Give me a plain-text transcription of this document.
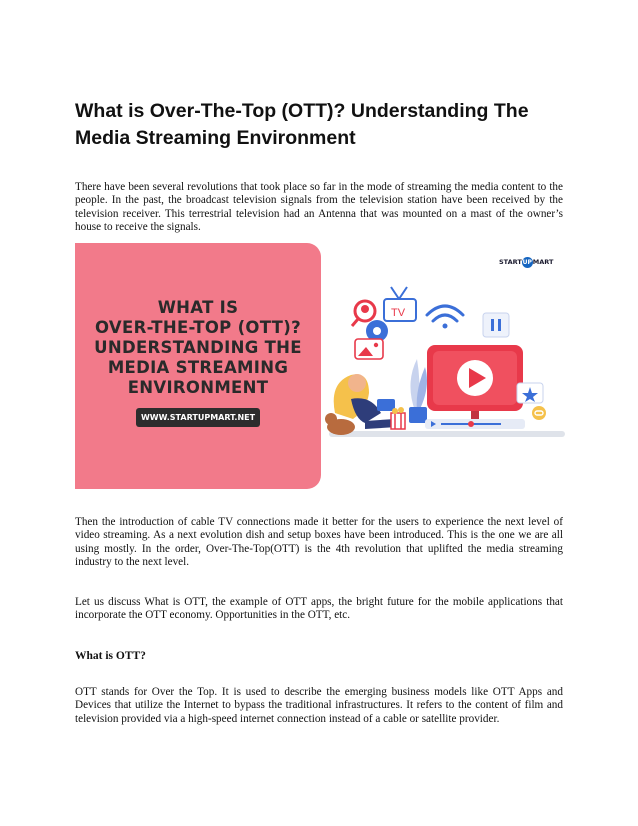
What is Over-The-Top (OTT)? Understanding The Media Streaming Environment

There have been several revolutions that took place so far in the mode of streaming the media content to the people. In the past, the broadcast television signals from the television station have been received by the television receiver. This terrestrial television had an Antenna that was mounted on a mast of the owner’s house to receive the signals.

WHAT IS
OVER-THE-TOP (OTT)?
UNDERSTANDING THE
MEDIA STREAMING
ENVIRONMENT
WWW.STARTUPMART.NET
STARTUPMART
TV

Then the introduction of cable TV connections made it better for the users to experience the next level of video streaming. As a next evolution dish and setup boxes have been introduced. This is the one we are all using mostly. In the order, Over-The-Top(OTT) is the 4th revolution that uplifted the media streaming industry to the next level.

Let us discuss What is OTT, the example of OTT apps, the bright future for the mobile applications that incorporate the OTT economy. Opportunities in the OTT, etc.

What is OTT?

OTT stands for Over the Top. It is used to describe the emerging business models like OTT Apps and Devices that utilize the Internet to bypass the traditional infrastructures. It refers to the content of film and television provided via a high-speed internet connection instead of a cable or satellite provider.
